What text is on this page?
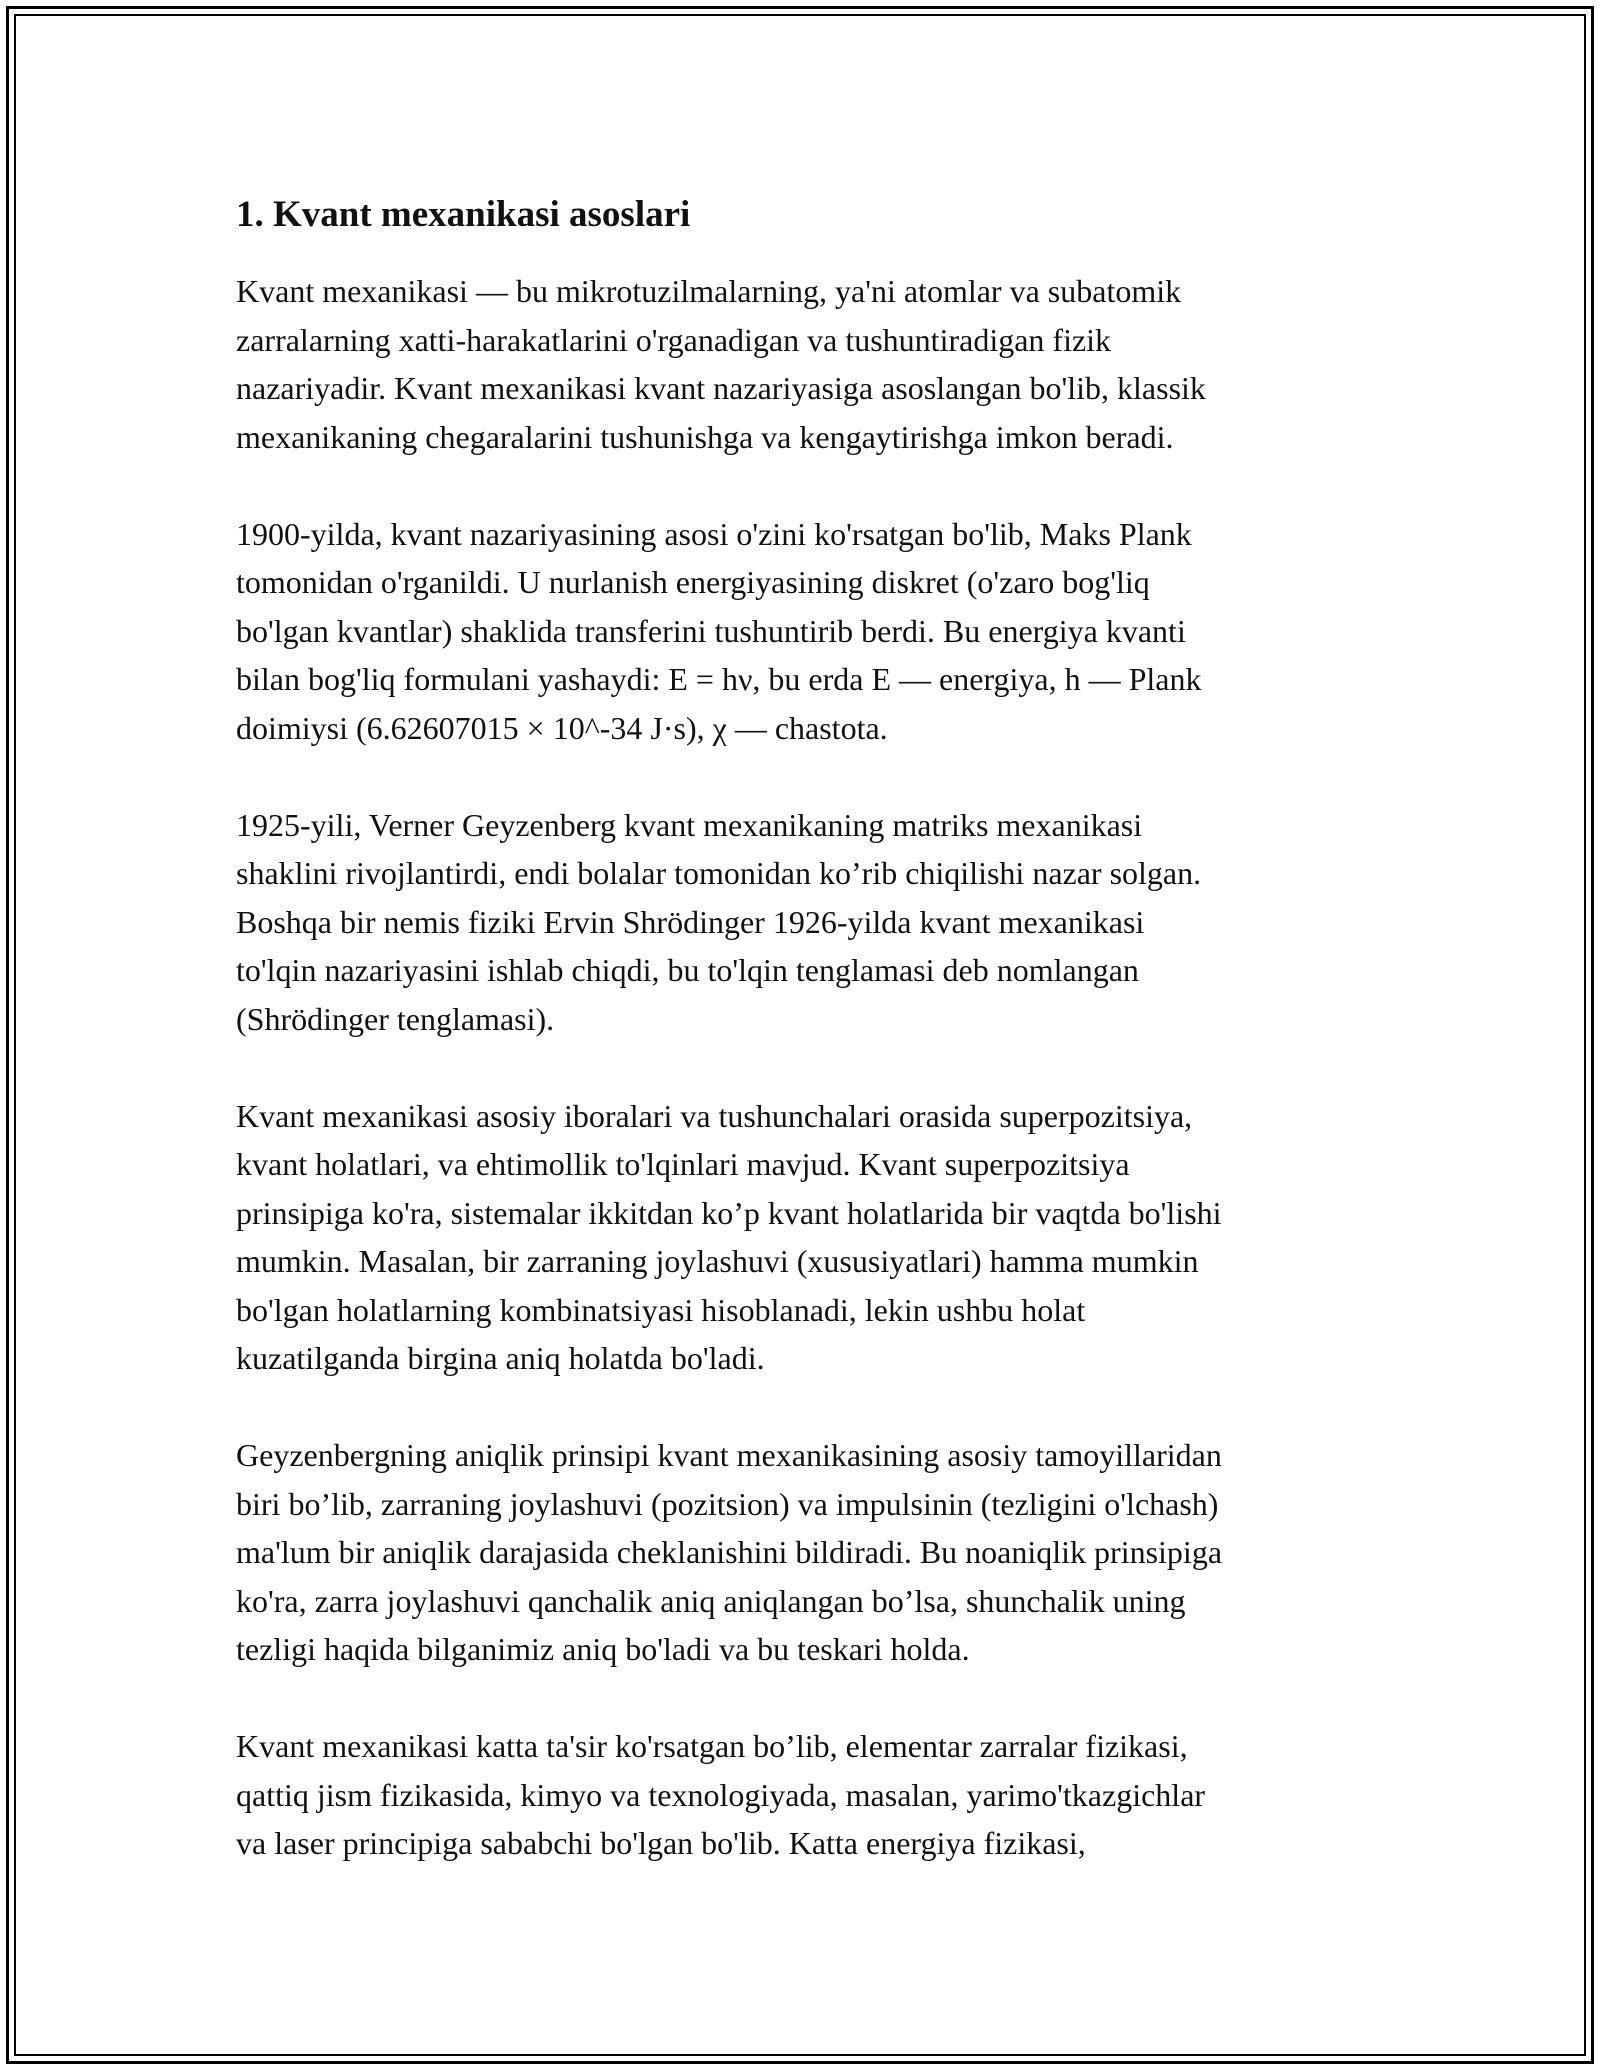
1. Kvant mexanikasi asoslari

Kvant mexanikasi — bu mikrotuzilmalarning, ya'ni atomlar va subatomik
zarralarning xatti-harakatlarini o'rganadigan va tushuntiradigan fizik
nazariyadir. Kvant mexanikasi kvant nazariyasiga asoslangan bo'lib, klassik
mexanikaning chegaralarini tushunishga va kengaytirishga imkon beradi.

1900-yilda, kvant nazariyasining asosi o'zini ko'rsatgan bo'lib, Maks Plank
tomonidan o'rganildi. U nurlanish energiyasining diskret (o'zaro bog'liq
bo'lgan kvantlar) shaklida transferini tushuntirib berdi. Bu energiya kvanti
bilan bog'liq formulani yashaydi: E = hν, bu erda E — energiya, h — Plank
doimiysi (6.62607015 × 10^-34 J·s), χ — chastota.

1925-yili, Verner Geyzenberg kvant mexanikaning matriks mexanikasi
shaklini rivojlantirdi, endi bolalar tomonidan ko’rib chiqilishi nazar solgan.
Boshqa bir nemis fiziki Ervin Shrödinger 1926-yilda kvant mexanikasi
to'lqin nazariyasini ishlab chiqdi, bu to'lqin tenglamasi deb nomlangan
(Shrödinger tenglamasi).

Kvant mexanikasi asosiy iboralari va tushunchalari orasida superpozitsiya,
kvant holatlari, va ehtimollik to'lqinlari mavjud. Kvant superpozitsiya
prinsipiga ko'ra, sistemalar ikkitdan ko’p kvant holatlarida bir vaqtda bo'lishi
mumkin. Masalan, bir zarraning joylashuvi (xususiyatlari) hamma mumkin
bo'lgan holatlarning kombinatsiyasi hisoblanadi, lekin ushbu holat
kuzatilganda birgina aniq holatda bo'ladi.

Geyzenbergning aniqlik prinsipi kvant mexanikasining asosiy tamoyillaridan
biri bo’lib, zarraning joylashuvi (pozitsion) va impulsinin (tezligini o'lchash)
ma'lum bir aniqlik darajasida cheklanishini bildiradi. Bu noaniqlik prinsipiga
ko'ra, zarra joylashuvi qanchalik aniq aniqlangan bo’lsa, shunchalik uning
tezligi haqida bilganimiz aniq bo'ladi va bu teskari holda.

Kvant mexanikasi katta ta'sir ko'rsatgan bo’lib, elementar zarralar fizikasi,
qattiq jism fizikasida, kimyo va texnologiyada, masalan, yarimo'tkazgichlar
va laser principiga sababchi bo'lgan bo'lib. Katta energiya fizikasi,
